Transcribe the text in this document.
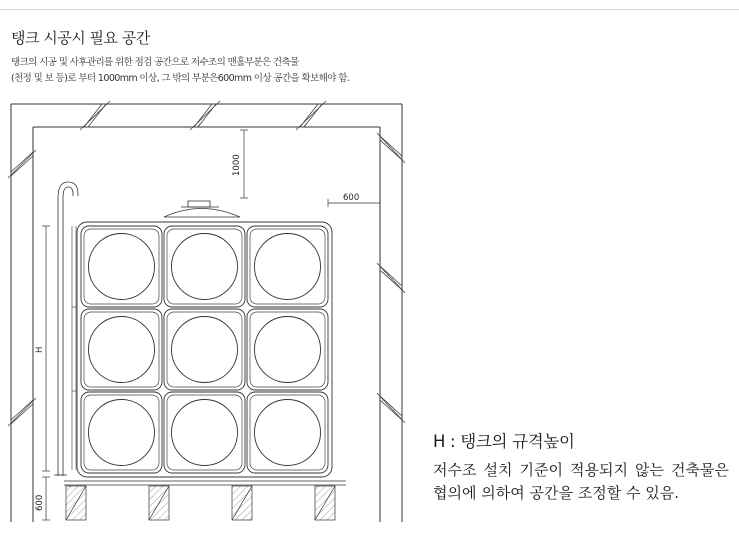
탱크 시공시 필요 공간
탱크의 시공 및 사후관리를 위한 점검 공간으로 저수조의 맨홀부분은 건축물
(천정 및 보 등)로 부터 1000mm 이상, 그 밖의 부분은600mm 이상 공간을 확보해야 함.
1000
600
H
600
H : 탱크의 규격높이
저수조 설치 기준이 적용되지 않는 건축물은 협의에 의하여 공간을 조정할 수 있음.
